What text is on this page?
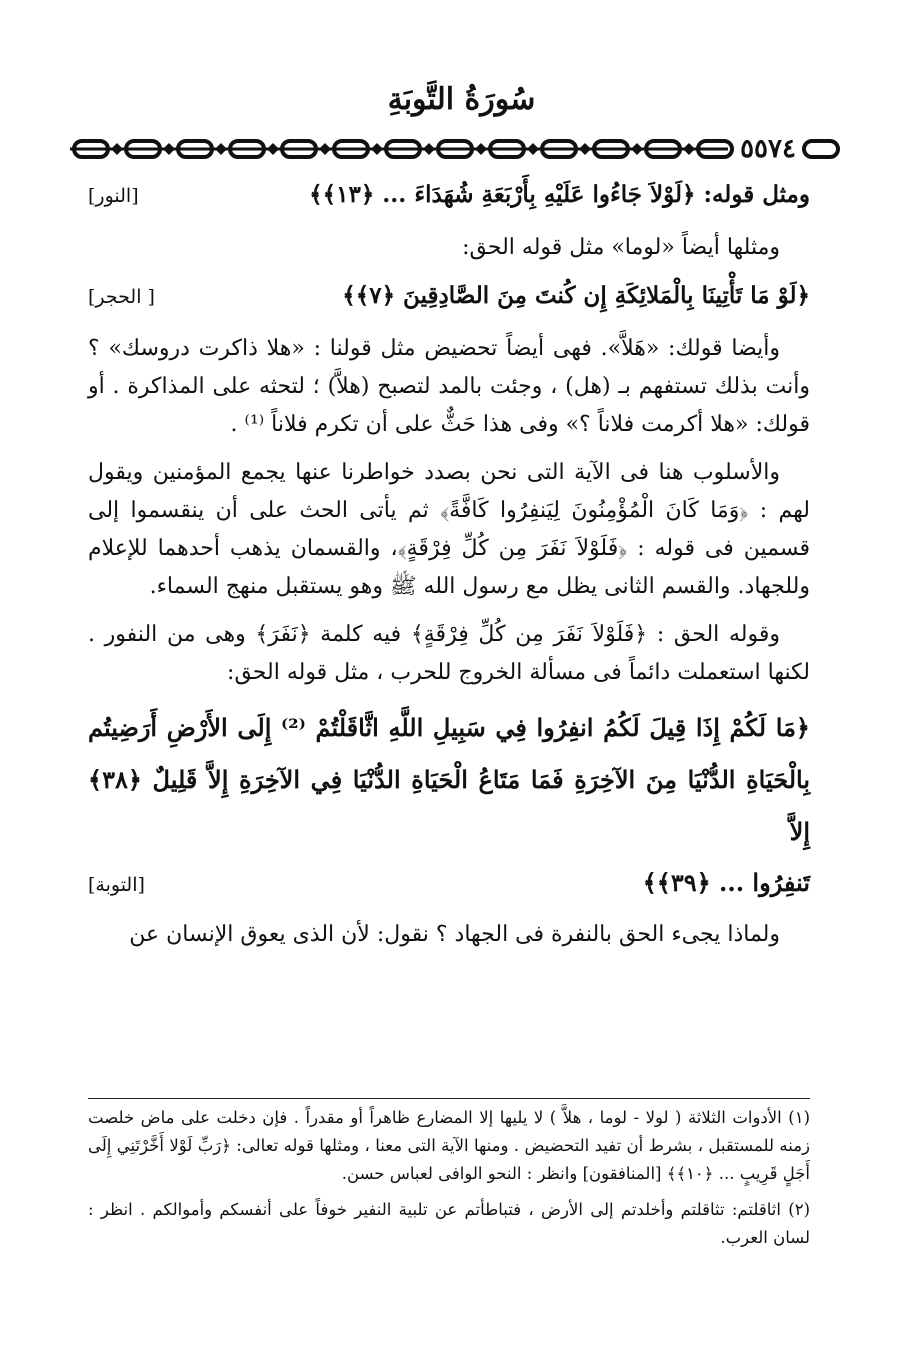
سُورَةُ التَّوبَةِ
٥٥٧٤
ومثل قوله: ﴿لَوْلاَ جَاءُوا عَلَيْهِ بِأَرْبَعَةِ شُهَدَاءَ ... ﴿١٣﴾﴾
[النور]

ومثلها أيضاً «لوما» مثل قوله الحق:

﴿لَوْ مَا تَأْتِينَا بِالْمَلائِكَةِ إِن كُنتَ مِنَ الصَّادِقِينَ ﴿٧﴾﴾
[ الحجر]

وأيضا قولك: «هَلاَّ». فهى أيضاً تحضيض مثل قولنا : «هلا ذاكرت دروسك» ؟ وأنت بذلك تستفهم بـ (هل) ، وجئت بالمد لتصبح (هلاَّ) ؛ لتحثه على المذاكرة . أو قولك: «هلا أكرمت فلاناً ؟» وفى هذا حَثٌّ على أن تكرم فلاناً ⁽¹⁾ .

والأسلوب هنا فى الآية التى نحن بصدد خواطرنا عنها يجمع المؤمنين ويقول لهم : ﴿وَمَا كَانَ الْمُؤْمِنُونَ لِيَنفِرُوا كَافَّةً﴾ ثم يأتى الحث على أن ينقسموا إلى قسمين فى قوله : ﴿فَلَوْلاَ نَفَرَ مِن كُلِّ فِرْقَةٍ﴾، والقسمان يذهب أحدهما للإعلام وللجهاد. والقسم الثانى يظل مع رسول الله ﷺ وهو يستقبل منهج السماء.

وقوله الحق : ﴿فَلَوْلاَ نَفَرَ مِن كُلِّ فِرْقَةٍ﴾ فيه كلمة ﴿نَفَرَ﴾ وهى من النفور . لكنها استعملت دائماً فى مسألة الخروج للحرب ، مثل قوله الحق:

﴿مَا لَكُمْ إِذَا قِيلَ لَكُمُ انفِرُوا فِي سَبِيلِ اللَّهِ اثَّاقَلْتُمْ ⁽²⁾ إِلَى الأَرْضِ أَرَضِيتُم بِالْحَيَاةِ الدُّنْيَا مِنَ الآخِرَةِ فَمَا مَتَاعُ الْحَيَاةِ الدُّنْيَا فِي الآخِرَةِ إِلاَّ قَلِيلٌ ﴿٣٨﴾ إِلاَّ
تَنفِرُوا ... ﴿٣٩﴾﴾
[التوبة]

ولماذا يجىء الحق بالنفرة فى الجهاد ؟ نقول: لأن الذى يعوق الإنسان عن

(١) الأدوات الثلاثة ( لولا - لوما ، هلاَّ ) لا يليها إلا المضارع ظاهراً أو مقدراً . فإن دخلت على ماض خلصت زمنه للمستقبل ، بشرط أن تفيد التحضيض . ومنها الآية التى معنا ، ومثلها قوله تعالى: ﴿رَبِّ لَوْلا أَخَّرْتَنِي إِلَى أَجَلٍ قَرِيبٍ ... ﴿١٠﴾﴾ [المنافقون] وانظر : النحو الوافى لعباس حسن.

(٢) اثاقلتم: تثاقلتم وأخلدتم إلى الأرض ، فتباطأتم عن تلبية النفير خوفاً على أنفسكم وأموالكم . انظر : لسان العرب.
